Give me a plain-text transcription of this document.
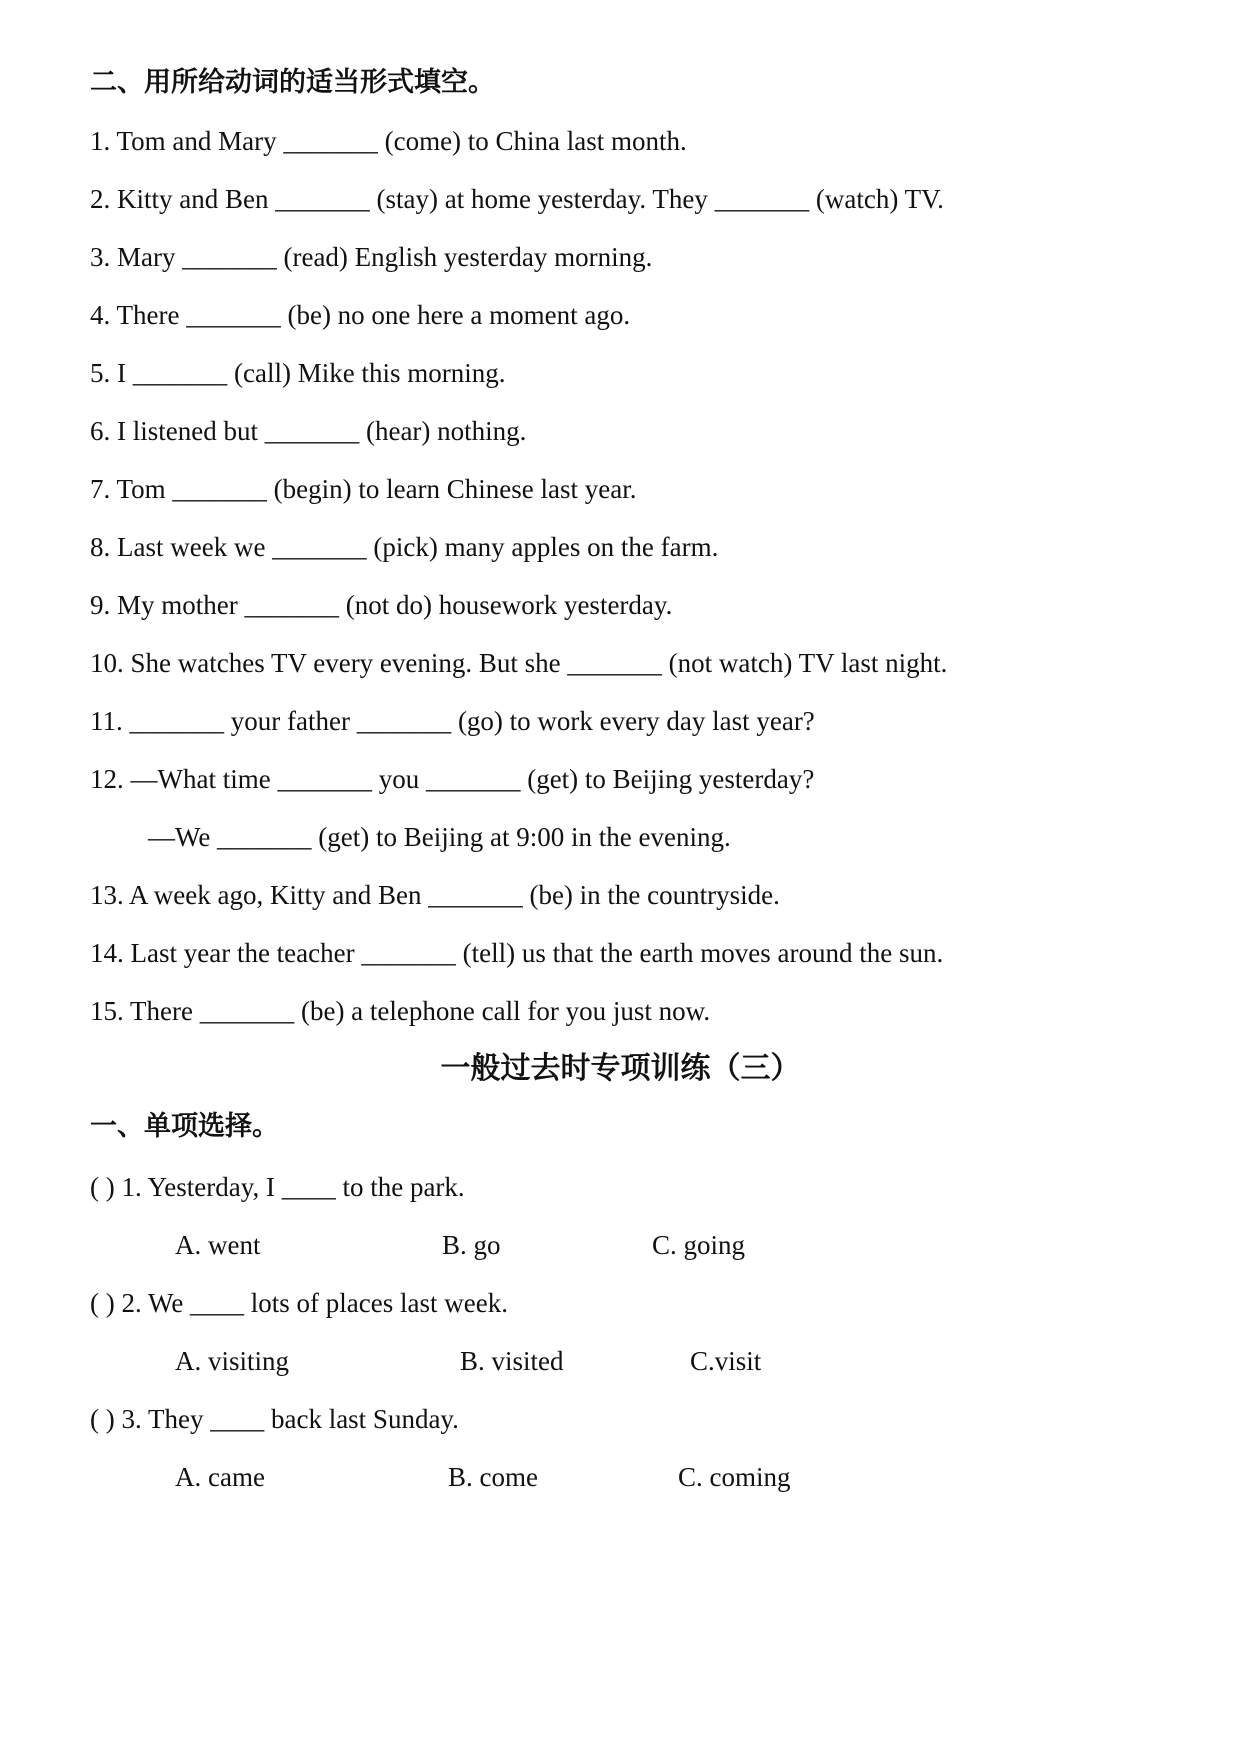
二、用所给动词的适当形式填空。
1. Tom and Mary _______ (come) to China last month.
2. Kitty and Ben _______ (stay) at home yesterday. They _______ (watch) TV.
3. Mary _______ (read) English yesterday morning.
4. There _______ (be) no one here a moment ago.
5. I _______ (call) Mike this morning.
6. I listened but _______ (hear) nothing.
7. Tom _______ (begin) to learn Chinese last year.
8. Last week we _______ (pick) many apples on the farm.
9. My mother _______ (not do) housework yesterday.
10. She watches TV every evening. But she _______ (not watch) TV last night.
11. _______ your father _______ (go) to work every day last year?
12. —What time _______ you _______ (get) to Beijing yesterday?
—We _______ (get) to Beijing at 9:00 in the evening.
13. A week ago, Kitty and Ben _______ (be) in the countryside.
14. Last year the teacher _______ (tell) us that the earth moves around the sun.
15. There _______ (be) a telephone call for you just now.
一般过去时专项训练（三）
一、单项选择。
( ) 1. Yesterday, I ____ to the park.
A. went	B. go	C. going
( ) 2. We ____ lots of places last week.
A. visiting	B. visited	C.visit
( ) 3. They ____ back last Sunday.
A. came	B. come	C. coming
